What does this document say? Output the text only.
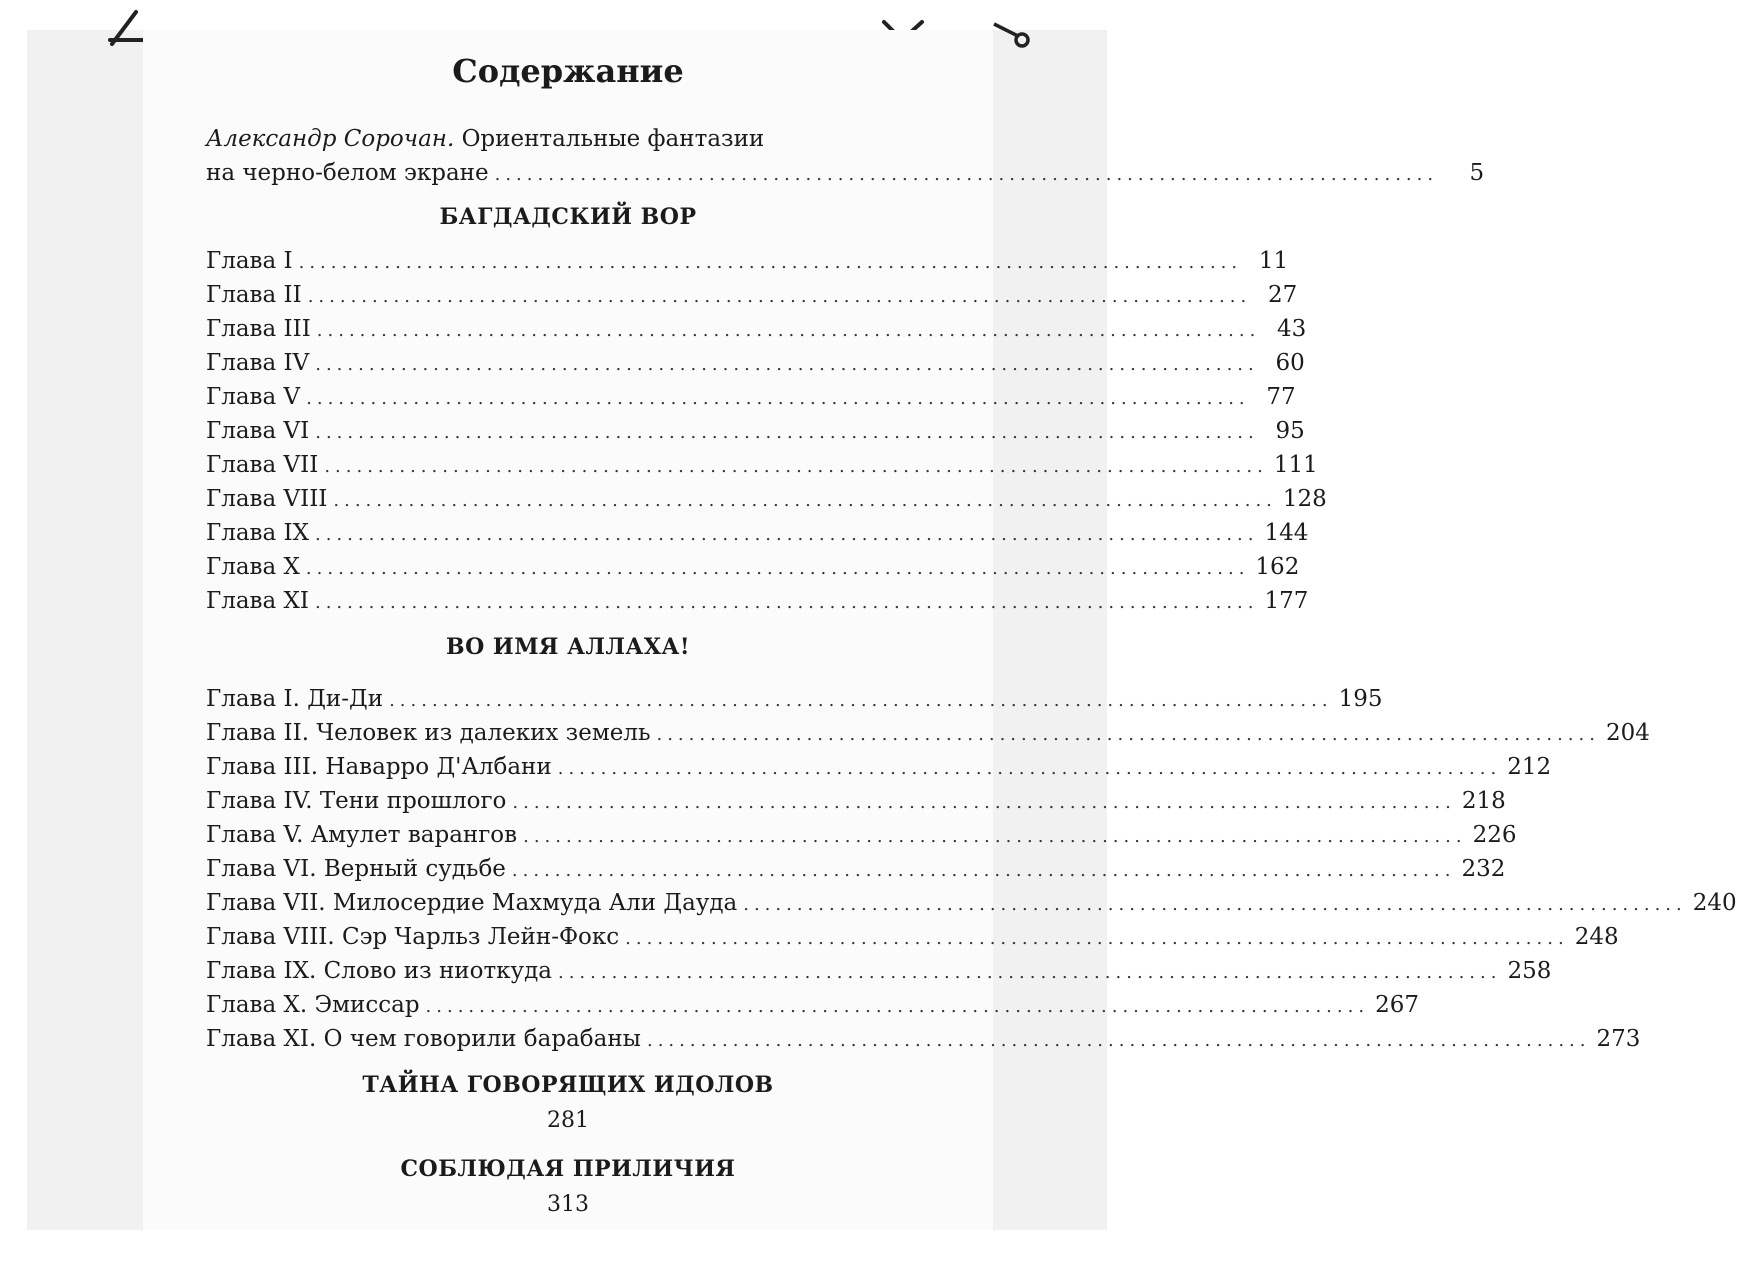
Содержание
Александр Сорочан. Ориентальные фантазии
на черно-белом экране ........................................................................................	5
БАГДАДСКИЙ ВОР
Глава I ........................................................................................ 11
Глава II ........................................................................................ 27
Глава III ........................................................................................ 43
Глава IV ........................................................................................ 60
Глава V ........................................................................................ 77
Глава VI ........................................................................................ 95
Глава VII ........................................................................................ 111
Глава VIII ........................................................................................ 128
Глава IX ........................................................................................ 144
Глава X ........................................................................................ 162
Глава XI ........................................................................................ 177
ВО ИМЯ АЛЛАХА!
Глава I. Ди-Ди ........................................................................................ 195
Глава II. Человек из далеких земель ........................................................................................ 204
Глава III. Наварро Д'Албани ........................................................................................ 212
Глава IV. Тени прошлого ........................................................................................ 218
Глава V. Амулет варангов ........................................................................................ 226
Глава VI. Верный судьбе ........................................................................................ 232
Глава VII. Милосердие Махмуда Али Дауда ........................................................................................ 240
Глава VIII. Сэр Чарльз Лейн-Фокс ........................................................................................ 248
Глава IX. Слово из ниоткуда ........................................................................................ 258
Глава X. Эмиссар ........................................................................................ 267
Глава XI. О чем говорили барабаны ........................................................................................ 273
ТАЙНА ГОВОРЯЩИХ ИДОЛОВ
281
СОБЛЮДАЯ ПРИЛИЧИЯ
313
